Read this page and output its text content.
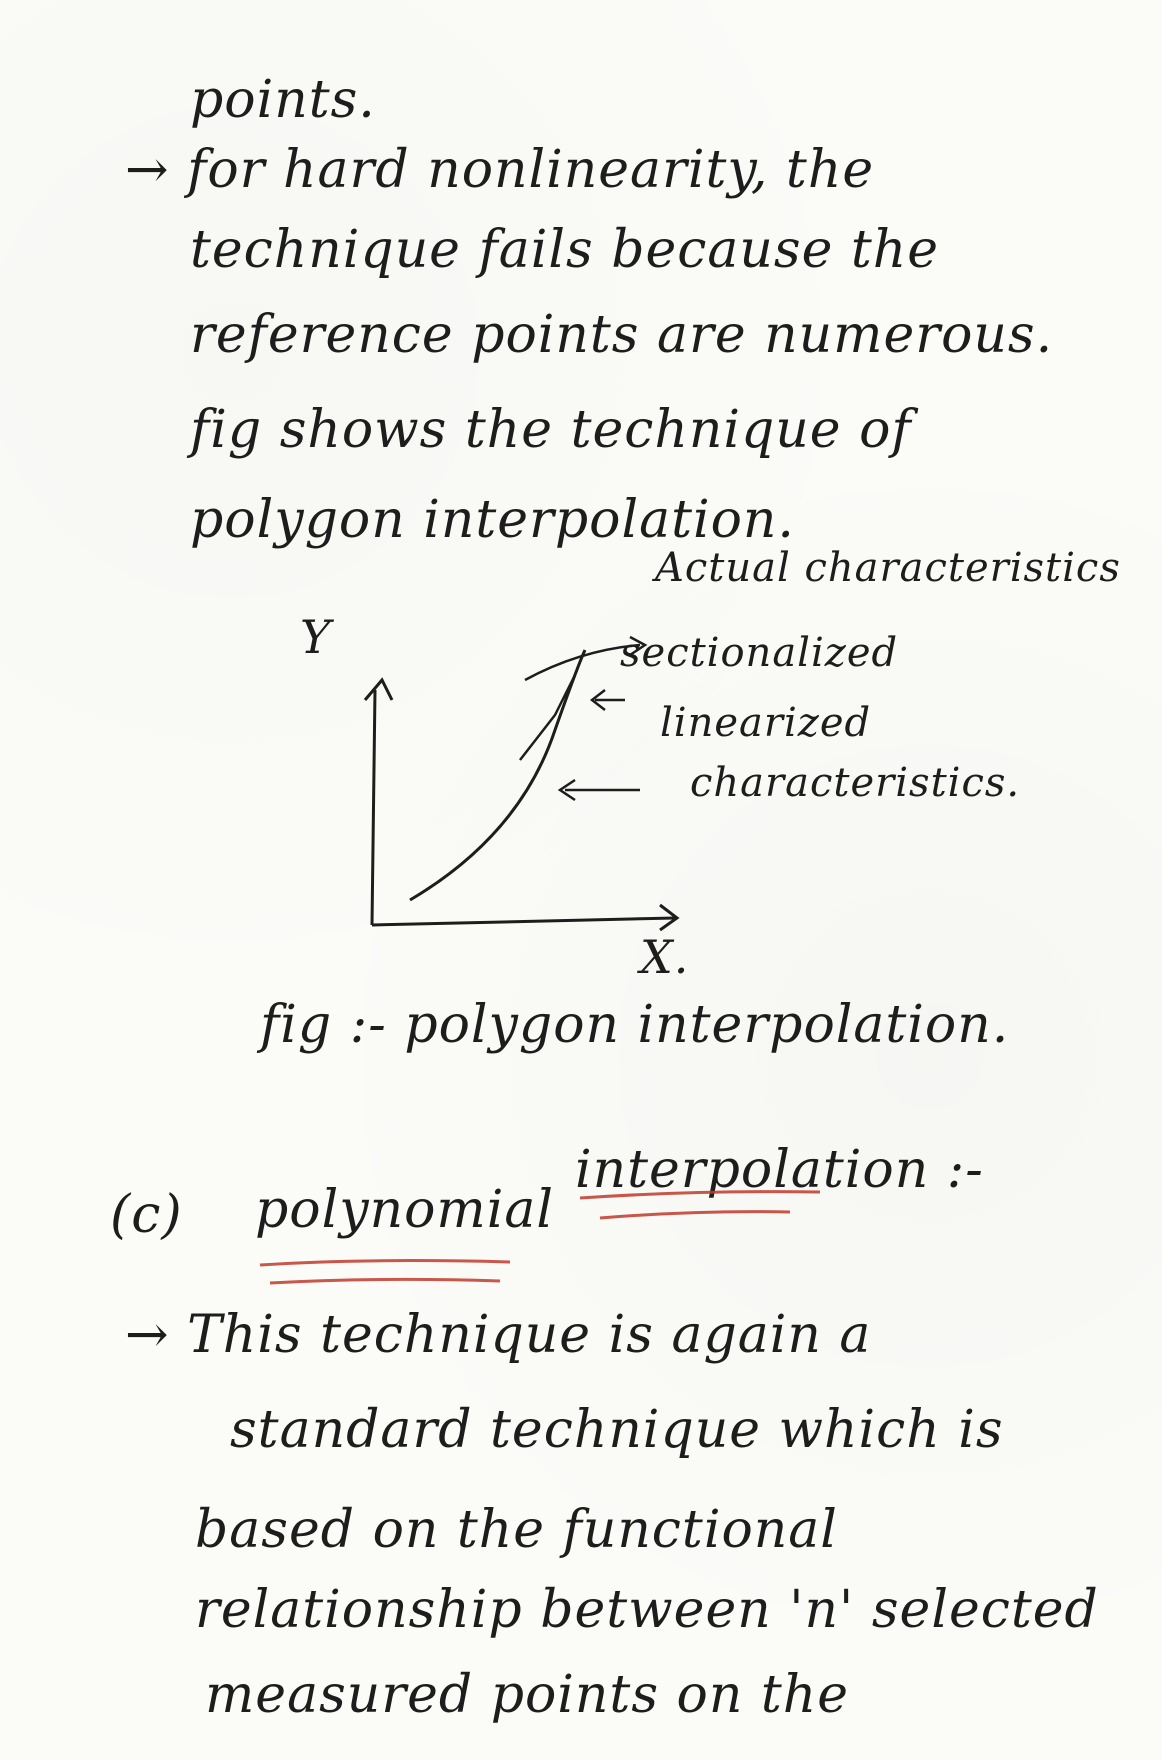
points.
→ for hard nonlinearity, the
technique fails because the
reference points are numerous.
fig shows the technique of
polygon interpolation.
Y
X.
Actual characteristics
sectionalized
linearized
characteristics.
fig :- polygon interpolation.
(c) polynomial
interpolation :-
→ This technique is again a
standard technique which is
based on the functional
relationship between 'n' selected
measured points on the
